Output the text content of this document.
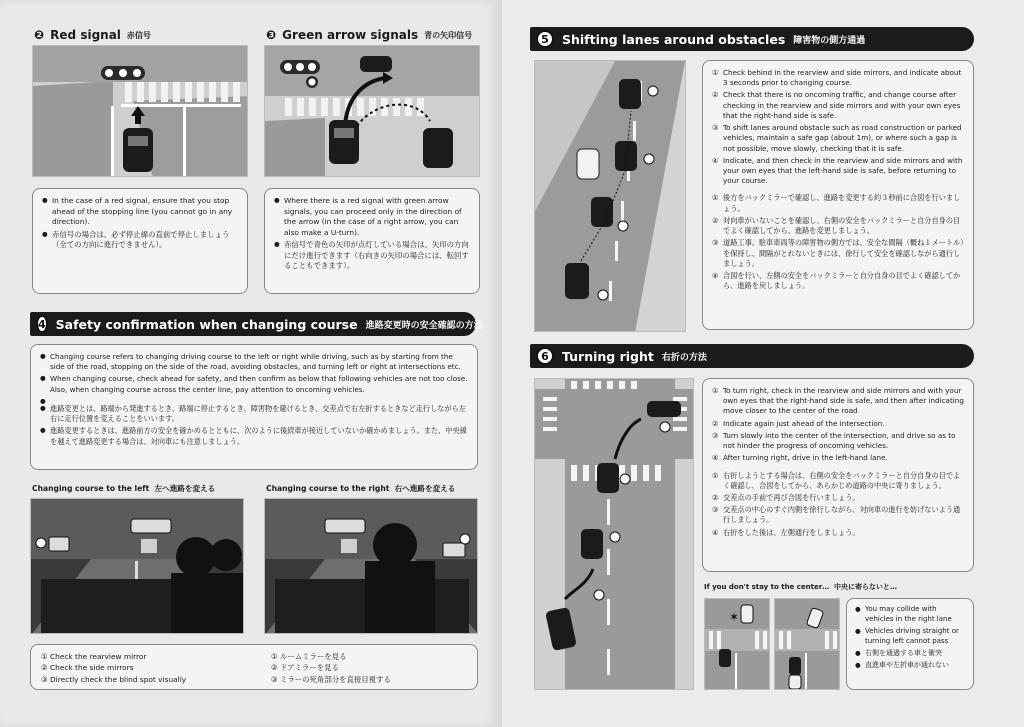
❷ Red signal 赤信号
● In the case of a red signal, ensure that you stop ahead of the stopping line (you cannot go in any direction).
● 赤信号の場合は、必ず停止線の直前で停止しましょう（全ての方向に進行できません）。
❸ Green arrow signals 青の矢印信号
● Where there is a red signal with green arrow signals, you can proceed only in the direction of the arrow (in the case of a right arrow, you can also make a U-turn).
● 赤信号で青色の矢印が点灯している場合は、矢印の方向にだけ進行できます（右向きの矢印の場合には、転回することもできます）。
4 Safety confirmation when changing course 進路変更時の安全確認の方法
● Changing course refers to changing driving course to the left or right while driving, such as by starting from the side of the road, stopping on the side of the road, avoiding obstacles, and turning left or right at intersections etc.
● When changing course, check ahead for safety, and then confirm as below that following vehicles are not too close. Also, when changing course across the center line, pay attention to oncoming vehicles.
●
● 進路変更とは、路端から発進するとき、路端に停止するとき、障害物を避けるとき、交差点で右左折するときなど走行しながら左右に走行位置を変えることをいいます。
● 進路変更するときは、進路前方の安全を確かめるとともに、次のように後続車が接近していないか確かめましょう。また、中央線を越えて進路変更する場合は、対向車にも注意しましょう。
Changing course to the left 左へ進路を変える	Changing course to the right 右へ進路を変える
① Check the rearview mirror
② Check the side mirrors
③ Directly check the blind spot visually
① ルームミラーを見る
② ドアミラーを見る
③ ミラーの死角部分を直接目視する
5	Shifting lanes around obstacles 障害物の側方通過
① Check behind in the rearview and side mirrors, and indicate about 3 seconds prior to changing course.
② Check that there is no oncoming traffic, and change course after checking in the rearview and side mirrors and with your own eyes that the right-hand side is safe.
③ To shift lanes around obstacle such as road construction or parked vehicles, maintain a safe gap (about 1m), or where such a gap is not possible, move slowly, checking that it is safe.
④ Indicate, and then check in the rearview and side mirrors and with your own eyes that the left-hand side is safe, before returning to your course.
① 後方をバックミラーで確認し、進路を変更する約３秒前に合図を行いましょう。
② 対向車がいないことを確認し、右側の安全をバックミラーと自分自身の目でよく確認してから、進路を変更しましょう。
③ 道路工事、駐車車両等の障害物の側方では、安全な間隔（概ね１メートル）を保持し、間隔がとれないときには、徐行して安全を確認しながら通行しましょう。
④ 合図を行い、左側の安全をバックミラーと自分自身の目でよく確認してから、進路を戻しましょう。
6	Turning right 右折の方法
① To turn right, check in the rearview and side mirrors and with your own eyes that the right-hand side is safe, and then after indicating move closer to the center of the road
② Indicate again just ahead of the intersection.
③ Turn slowly into the center of the intersection, and drive so as to not hinder the progress of oncoming vehicles.
④ After turning right, drive in the left-hand lane.
① 右折しようとする場合は、右側の安全をバックミラーと自分自身の目でよく確認し、合図をしてから、あらかじめ道路の中央に寄りましょう。
② 交差点の手前で再び合図を行いましょう。
③ 交差点の中心のすぐ内側を徐行しながら、対向車の進行を妨げないよう通行しましょう。
④ 右折をした後は、左側通行をしましょう。
If you don't stay to the center… 中央に寄らないと…
✶
● You may collide with vehicles in the right lane
● Vehicles driving straight or turning left cannot pass
● 右側を通過する車と衝突
● 直進車や左折車が通れない
